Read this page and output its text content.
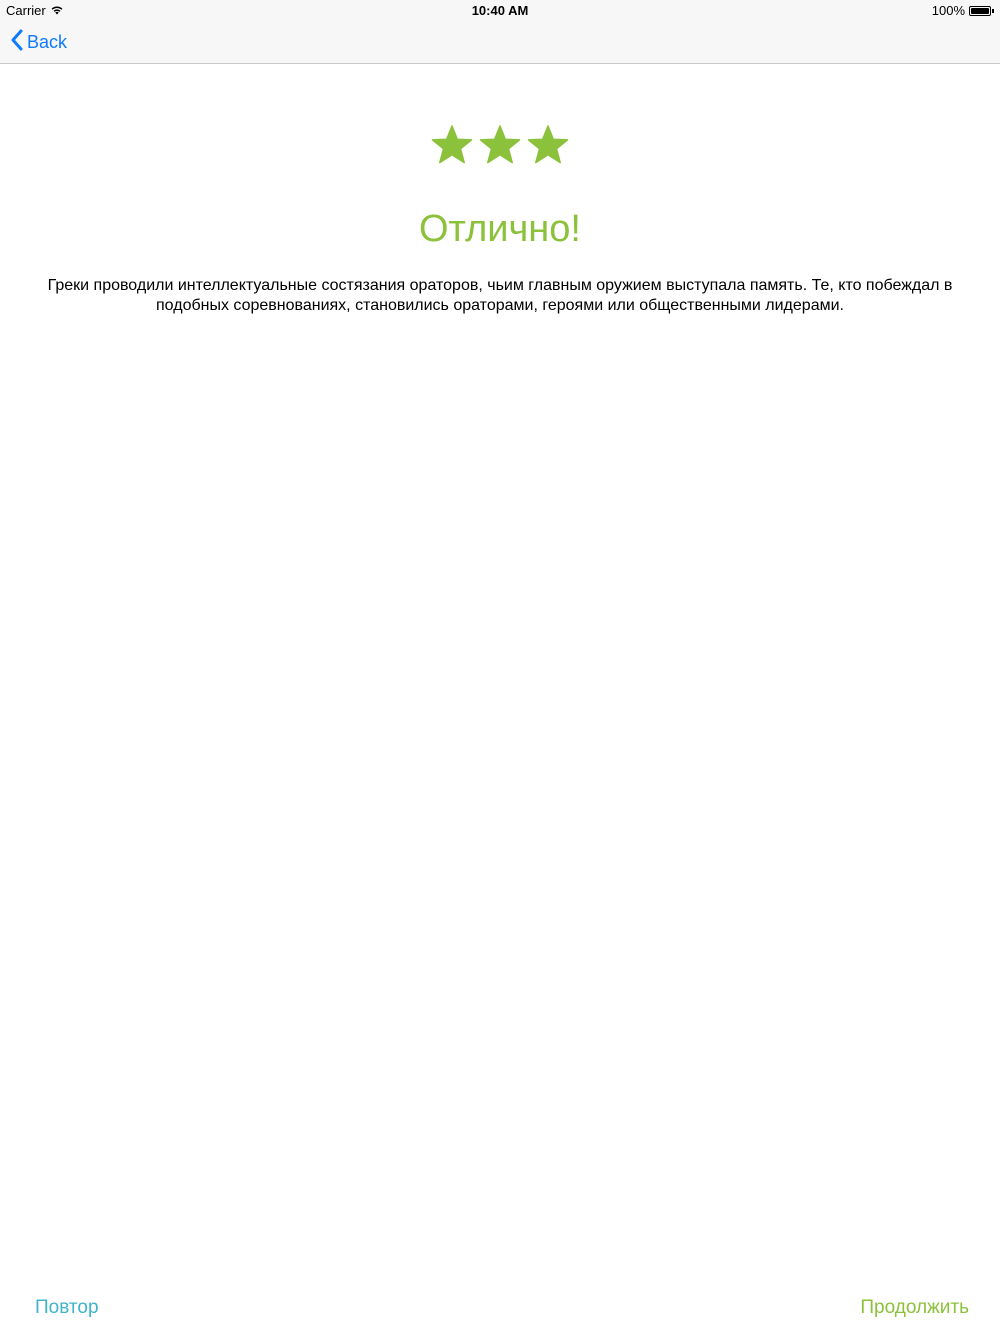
Carrier	10:40 AM	100%
Back
Отлично!
Греки проводили интеллектуальные состязания ораторов, чьим главным оружием выступала память. Те, кто побеждал в подобных соревнованиях, становились ораторами, героями или общественными лидерами.
Повтор	Продолжить
